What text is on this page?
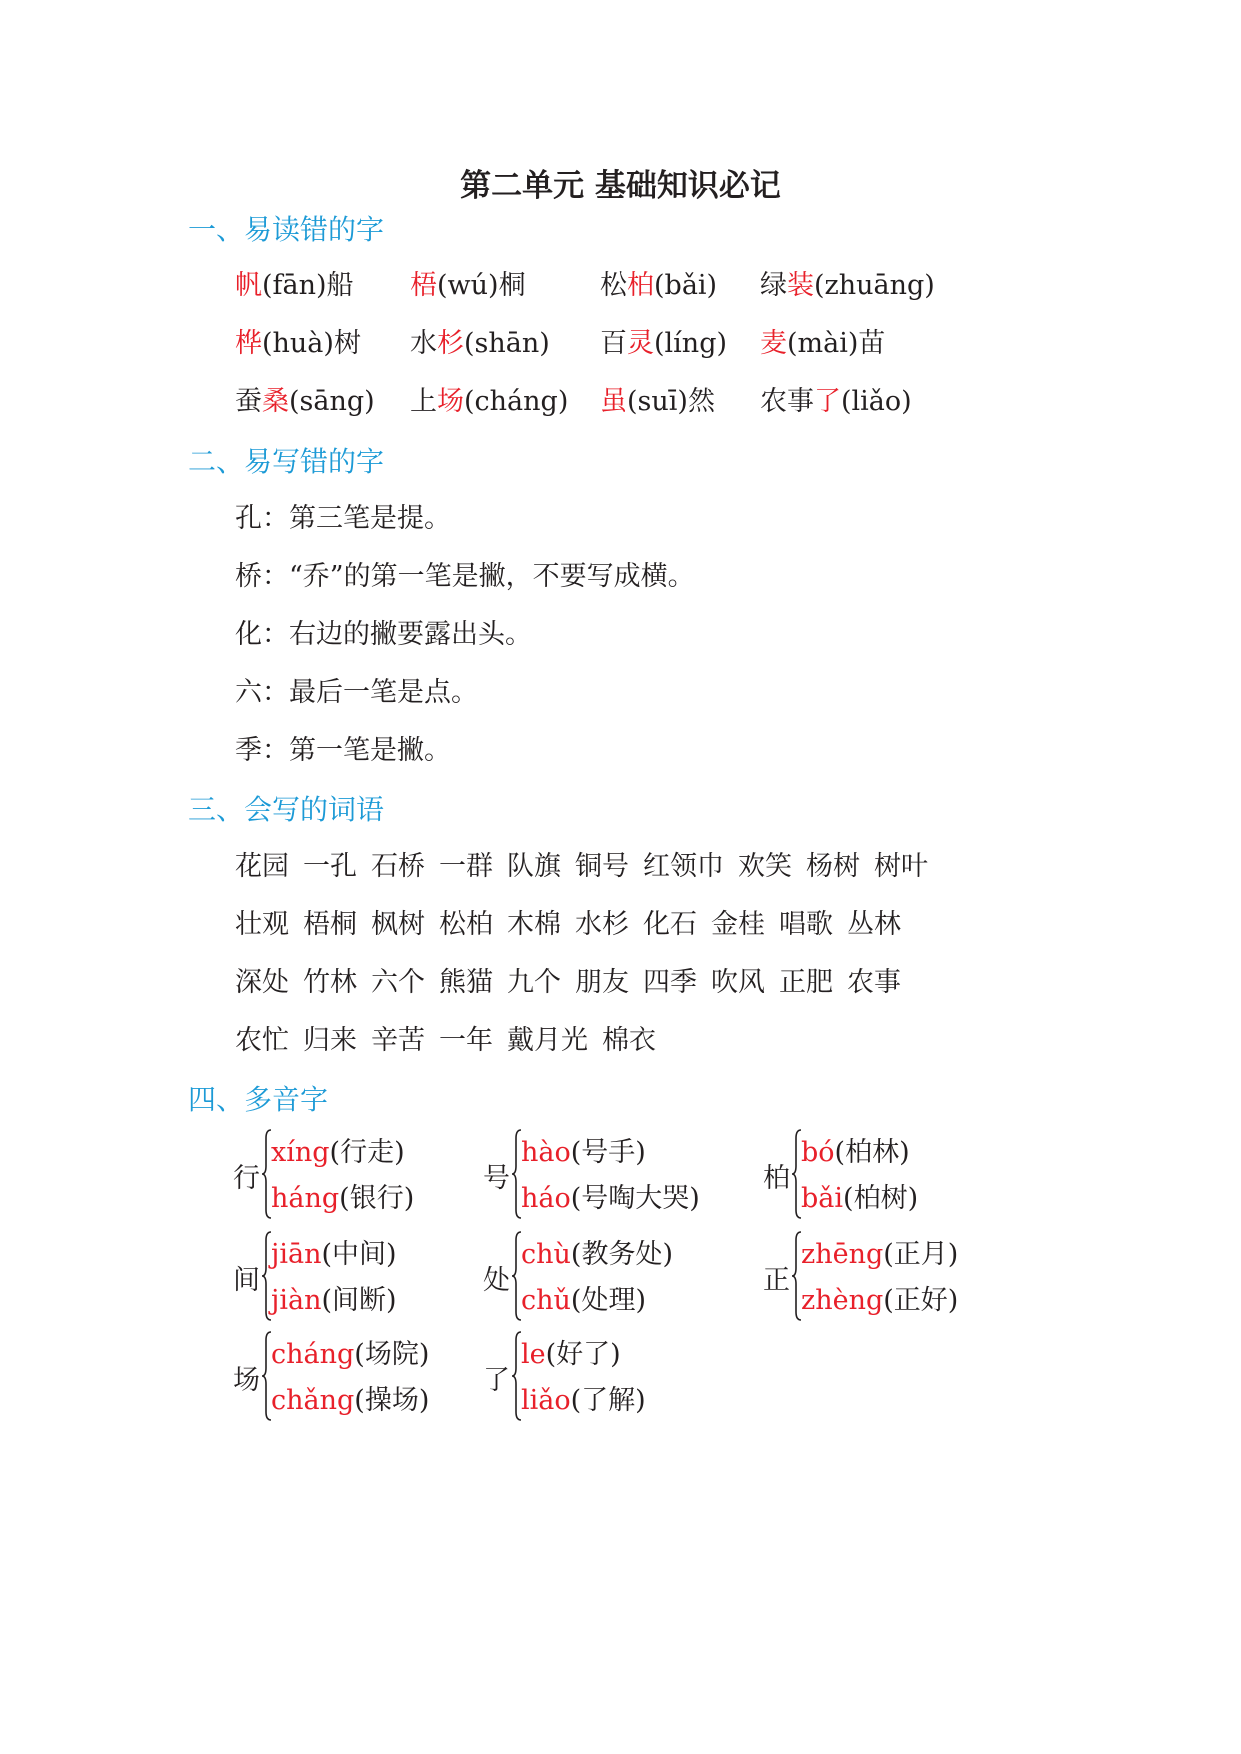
第二单元 基础知识必记
一、易读错的字
帆(fān)船 梧(wú)桐	松柏(bǎi) 绿装(zhuāng)
桦(huà)树 水杉(shān) 百灵(líng) 麦(mài)苗
蚕桑(sāng) 上场(cháng) 虽(suī)然 农事了(liǎo)
二、易写错的字
孔：第三笔是提。
桥：“乔”的第一笔是撇，不要写成横。
化：右边的撇要露出头。
六：最后一笔是点。
季：第一笔是撇。
三、会写的词语
花园 一孔 石桥 一群 队旗 铜号 红领巾 欢笑 杨树 树叶
壮观 梧桐 枫树 松柏 木棉 水杉 化石 金桂 唱歌 丛林
深处 竹林 六个 熊猫 九个 朋友 四季 吹风 正肥 农事
农忙 归来 辛苦 一年 戴月光 棉衣
四、多音字
行
xíng(行走)
háng(银行)
号
hào(号手)
háo(号啕大哭)
柏
bó(柏林)
bǎi(柏树)
间
jiān(中间)
jiàn(间断)
处
chù(教务处)
chǔ(处理)
正
zhēng(正月)
zhèng(正好)
场
cháng(场院)
chǎng(操场)
了
le(好了)
liǎo(了解)
